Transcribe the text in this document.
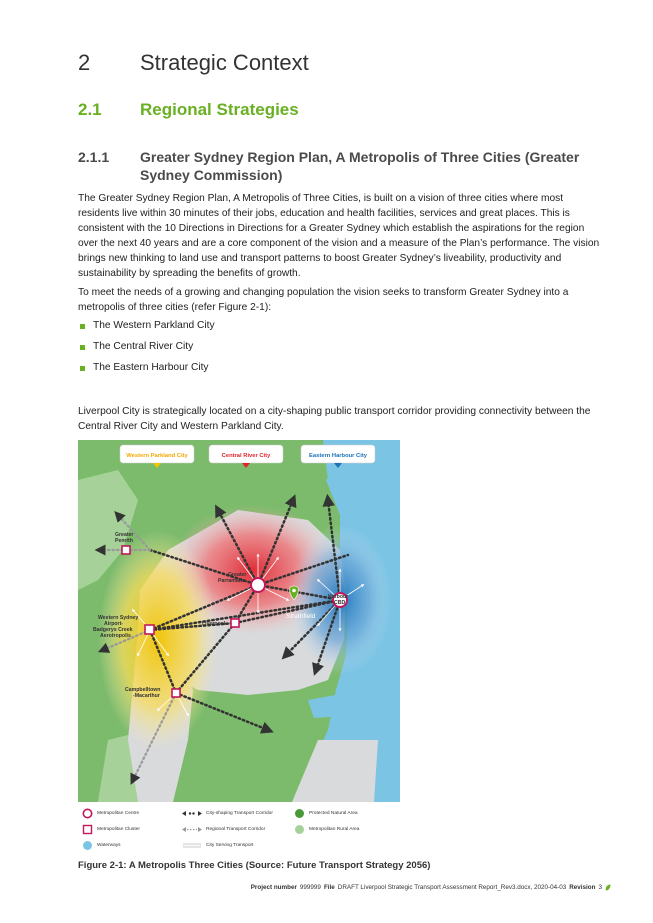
2 Strategic Context
2.1 Regional Strategies
2.1.1 Greater Sydney Region Plan, A Metropolis of Three Cities (Greater Sydney Commission)

The Greater Sydney Region Plan, A Metropolis of Three Cities, is built on a vision of three cities where most residents live within 30 minutes of their jobs, education and health facilities, services and great places. This is consistent with the 10 Directions in Directions for a Greater Sydney which establish the aspirations for the region over the next 40 years and are a core component of the vision and a measure of the Plan’s performance. The vision brings new thinking to land use and transport patterns to boost Greater Sydney’s liveability, productivity and sustainability by spreading the benefits of growth.

To meet the needs of a growing and changing population the vision seeks to transform Greater Sydney into a metropolis of three cities (refer Figure 2-1):

The Western Parkland City
The Central River City
The Eastern Harbour City

Liverpool City is strategically located on a city-shaping public transport corridor providing connectivity between the Central River City and Western Parkland City.

Western Parkland City	Central River City	Eastern Harbour City
Greater
Penrith
Greater
Parramatta
Harbour
CBD
Strathfield
Liverpool
Western Sydney
Airport-
Badgerys Creek
Aerotropolis
Campbelltown
-Macarthur
Metropolitan Centre
Metropolitan Cluster
Waterways
City-shaping Transport Corridor
Regional Transport Corridor
City Serving Transport
Protected Natural Area
Metropolitan Rural Area
Figure 2-1: A Metropolis Three Cities (Source: Future Transport Strategy 2056)
Project number 999999 File DRAFT Liverpool Strategic Transport Assessment Report_Rev3.docx, 2020-04-03 Revision 3
